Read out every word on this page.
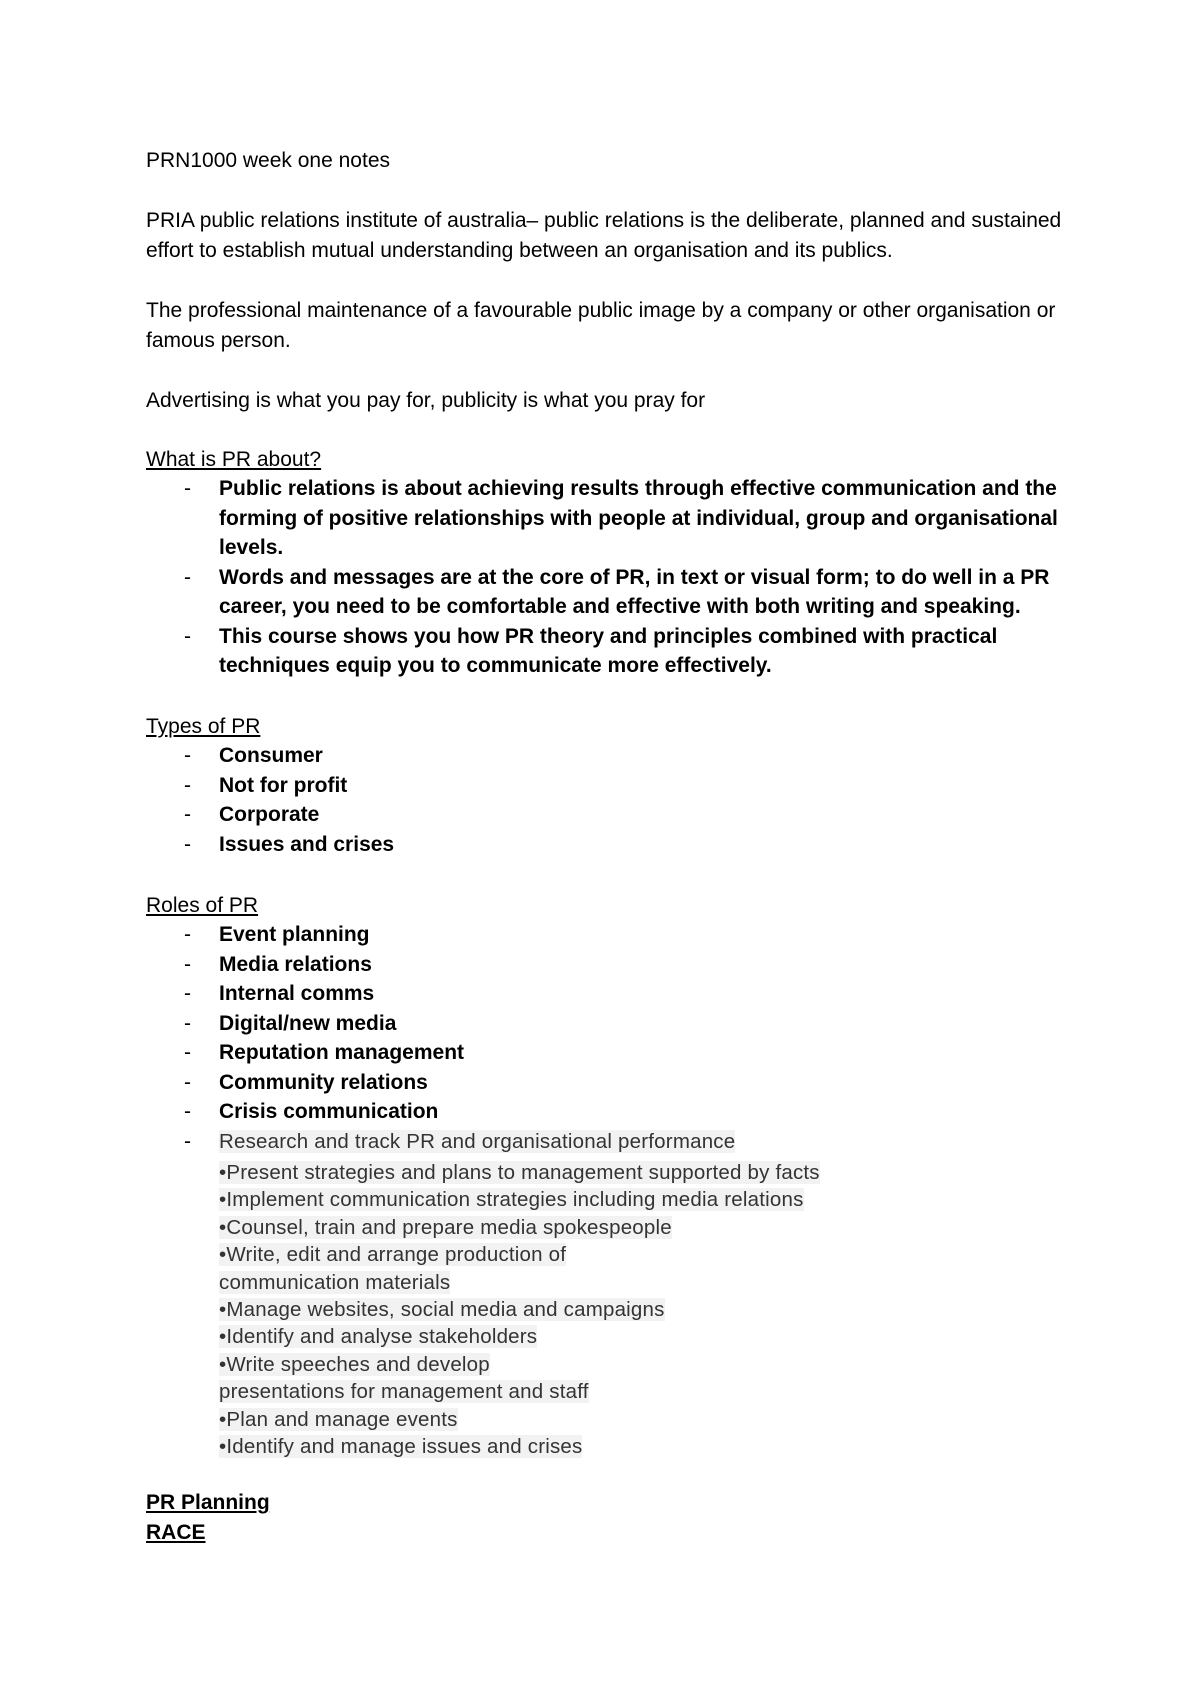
PRN1000 week one notes

PRIA public relations institute of australia– public relations is the deliberate, planned and sustained effort to establish mutual understanding between an organisation and its publics.

The professional maintenance of a favourable public image by a company or other organisation or famous person.

Advertising is what you pay for, publicity is what you pray for

What is PR about?

- Public relations is about achieving results through effective communication and the forming of positive relationships with people at individual, group and organisational levels.
- Words and messages are at the core of PR, in text or visual form; to do well in a PR career, you need to be comfortable and effective with both writing and speaking.
- This course shows you how PR theory and principles combined with practical techniques equip you to communicate more effectively.

Types of PR

- Consumer
- Not for profit
- Corporate
- Issues and crises

Roles of PR

- Event planning
- Media relations
- Internal comms
- Digital/new media
- Reputation management
- Community relations
- Crisis communication
- Research and track PR and organisational performance
•Present strategies and plans to management supported by facts
•Implement communication strategies including media relations
•Counsel, train and prepare media spokespeople
•Write, edit and arrange production of
communication materials
•Manage websites, social media and campaigns
•Identify and analyse stakeholders
•Write speeches and develop
presentations for management and staff
•Plan and manage events
•Identify and manage issues and crises

PR Planning

RACE
